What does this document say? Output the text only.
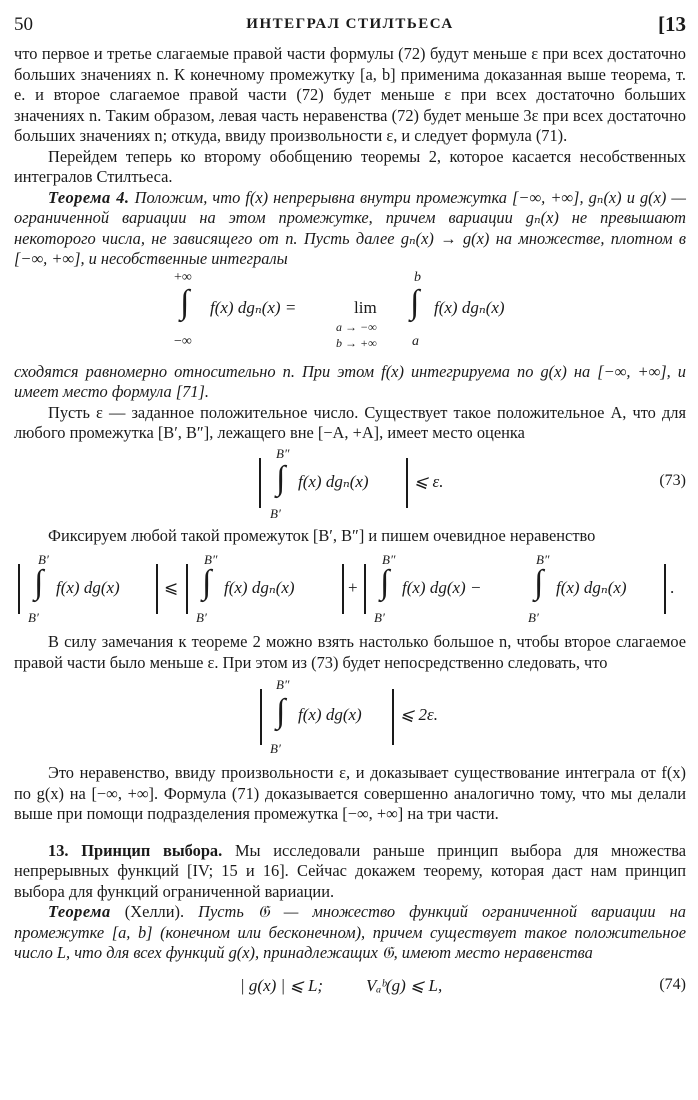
50	ИНТЕГРАЛ СТИЛТЬЕСА	[13

что первое и третье слагаемые правой части формулы (72) будут меньше ε при всех достаточно больших значениях n. К конечному промежутку [a, b] применима доказанная выше теорема, т. е. и второе слагаемое правой части (72) будет меньше ε при всех достаточно больших значениях n. Таким образом, левая часть неравенства (72) будет меньше 3ε при всех достаточно больших значениях n; откуда, ввиду произвольности ε, и следует формула (71).

Перейдем теперь ко второму обобщению теоремы 2, которое касается несобственных интегралов Стилтьеса.

Теорема 4. Положим, что f(x) непрерывна внутри промежутка [−∞, +∞], gₙ(x) и g(x) — ограниченной вариации на этом промежутке, причем вариации gₙ(x) не превышают некоторого числа, не зависящего от n. Пусть далее gₙ(x) → g(x) на множестве, плотном в [−∞, +∞], и несобственные интегралы

+∞
∫
−∞
f(x) dgₙ(x) =	lim
a → −∞
b → +∞
b
∫
a
f(x) dgₙ(x)

сходятся равномерно относительно n. При этом f(x) интегрируема по g(x) на [−∞, +∞], и имеет место формула [71].

Пусть ε — заданное положительное число. Существует такое положительное A, что для любого промежутка [B′, B″], лежащего вне [−A, +A], имеет место оценка

B″
∫
B′
f(x) dgₙ(x)	⩽ ε.	(73)

Фиксируем любой такой промежуток [B′, B″] и пишем очевидное неравенство

B′
∫
B′
f(x) dg(x)	⩽
B″
∫
B′
f(x) dgₙ(x)	+
B″
∫
B′
f(x) dg(x) −
B″
∫
B′
f(x) dgₙ(x)	.

В силу замечания к теореме 2 можно взять настолько большое n, чтобы второе слагаемое правой части было меньше ε. При этом из (73) будет непосредственно следовать, что

B″
∫
B′
f(x) dg(x) ⩽ 2ε.

Это неравенство, ввиду произвольности ε, и доказывает существование интеграла от f(x) по g(x) на [−∞, +∞]. Формула (71) доказывается совершенно аналогично тому, что мы делали выше при помощи подразделения промежутка [−∞, +∞] на три части.

13. Принцип выбора. Мы исследовали раньше принцип выбора для множества непрерывных функций [IV; 15 и 16]. Сейчас докажем теорему, которая даст нам принцип выбора для функций ограниченной вариации.

Теорема (Хелли). Пусть 𝔊 — множество функций ограниченной вариации на промежутке [a, b] (конечном или бесконечном), причем существует такое положительное число L, что для всех функций g(x), принадлежащих 𝔊, имеют место неравенства

| g(x) | ⩽ L;	Vₐᵇ(g) ⩽ L,	(74)
